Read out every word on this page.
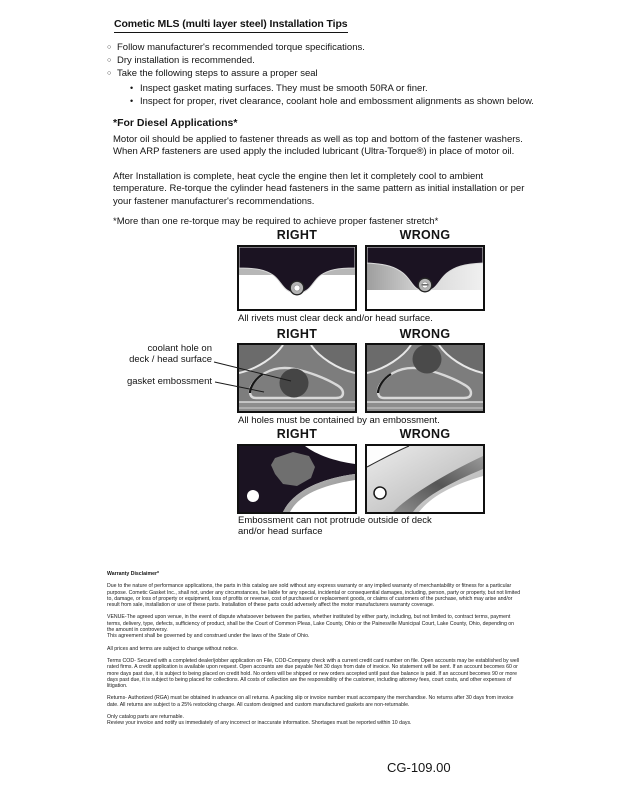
Cometic MLS (multi layer steel) Installation Tips
○ Follow manufacturer's recommended torque specifications.
○ Dry installation is recommended.
○ Take the following steps to assure a proper seal
• Inspect gasket mating surfaces. They must be smooth 50RA or finer.
• Inspect for proper, rivet clearance, coolant hole and embossment alignments as shown below.
*For Diesel Applications*
Motor oil should be applied to fastener threads as well as top and bottom of the fastener washers. When ARP fasteners are used apply the included lubricant (Ultra-Torque®) in place of motor oil.
After Installation is complete, heat cycle the engine then let it completely cool to ambient temperature. Re-torque the cylinder head fasteners in the same pattern as initial installation or per your fastener manufacturer's recommendations.
*More than one re-torque may be required to achieve proper fastener stretch*
RIGHT	WRONG
All rivets must clear deck and/or head surface.
RIGHT	WRONG
coolant hole on
deck / head surface
gasket embossment
All holes must be contained by an embossment.
RIGHT	WRONG
Embossment can not protrude outside of deck
and/or head surface

Warranty Disclaimer*

Due to the nature of performance applications, the parts in this catalog are sold without any express warranty or any implied warranty of merchantability or fitness for a particular purpose. Cometic Gasket Inc., shall not, under any circumstances, be liable for any special, incidental or consequential damages, including, person, party or property, but not limited to, damage, or loss of property or equipment, loss of profits or revenue, cost of purchased or replacement goods, or claims of customers of the purchase, which may arise and/or result from sale, installation or use of these parts. Installation of these parts could adversely affect the motor manufacturers warranty coverage.

VENUE-The agreed upon venue, in the event of dispute whatsoever between the parties, whether instituted by either party, including, but not limited to, contract terms, payment terms, delivery, type, defects, sufficiency of product, shall be the Court of Common Pleas, Lake County, Ohio or the Painesville Municipal Court, Lake County, Ohio, depending on the amount in controversy.

This agreement shall be governed by and construed under the laws of the State of Ohio.

All prices and terms are subject to change without notice.

Terms COD- Secured with a completed dealer/jobber application on File, COD-Company check with a current credit card number on file. Open accounts may be established by well rated firms. A credit application is available upon request. Open accounts are due payable Net 30 days from date of invoice. No statement will be sent. If an account becomes 60 or more days past due, it is subject to being placed on credit hold. No orders will be shipped or new orders accepted until past due balance is paid. If an account becomes 90 or more days past due, it is subject to being placed for collections. All costs of collection are the responsibility of the customer, including attorney fees, court costs, and other expenses of litigation.

Returns- Authorized (RGA) must be obtained in advance on all returns. A packing slip or invoice number must accompany the merchandise. No returns after 30 days from invoice date. All returns are subject to a 25% restocking charge. All custom designed and custom manufactured gaskets are non-returnable.

Only catalog parts are returnable.

Review your invoice and notify us immediately of any incorrect or inaccurate information. Shortages must be reported within 10 days.

CG-109.00
